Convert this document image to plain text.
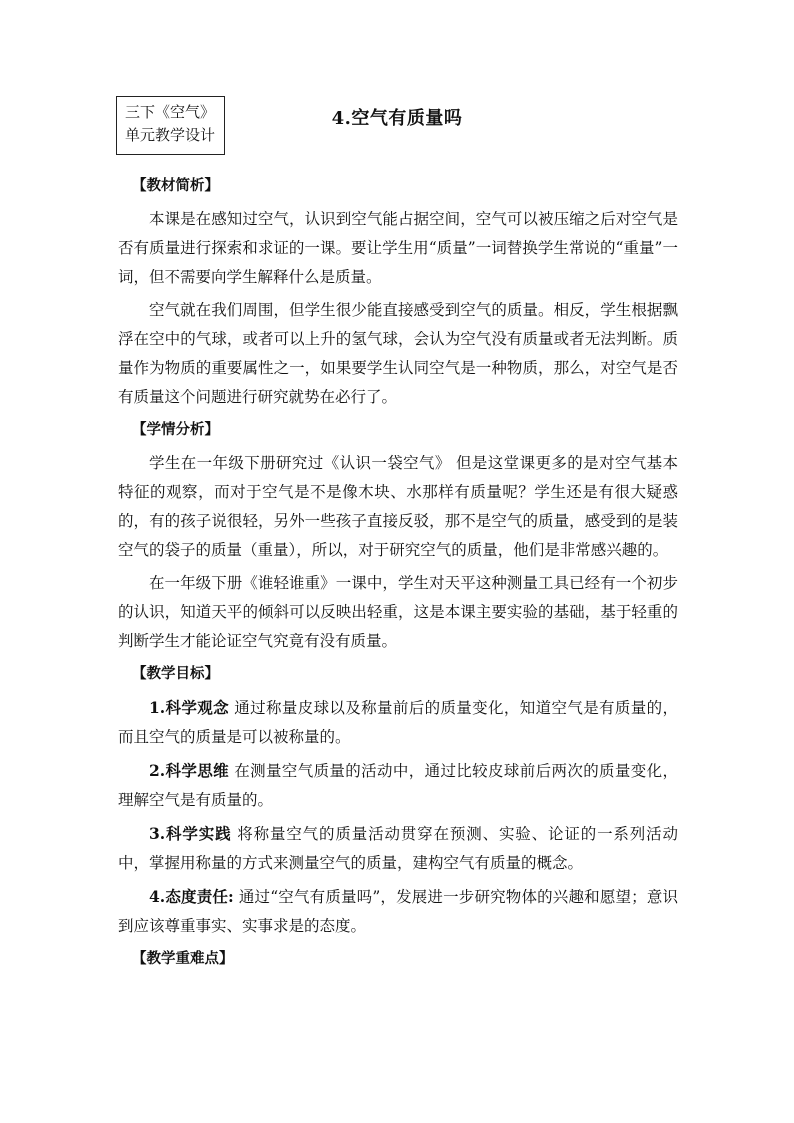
三下《空气》
单元教学设计
4.空气有质量吗
【教材简析】

本课是在感知过空气，认识到空气能占据空间，空气可以被压缩之后对空气是否有质量进行探索和求证的一课。要让学生用“质量”一词替换学生常说的“重量”一词，但不需要向学生解释什么是质量。

空气就在我们周围，但学生很少能直接感受到空气的质量。相反，学生根据飘浮在空中的气球，或者可以上升的氢气球，会认为空气没有质量或者无法判断。质量作为物质的重要属性之一，如果要学生认同空气是一种物质，那么，对空气是否有质量这个问题进行研究就势在必行了。

【学情分析】

学生在一年级下册研究过《认识一袋空气》 但是这堂课更多的是对空气基本特征的观察，而对于空气是不是像木块、水那样有质量呢？学生还是有很大疑惑的，有的孩子说很轻，另外一些孩子直接反驳，那不是空气的质量，感受到的是装空气的袋子的质量（重量），所以，对于研究空气的质量，他们是非常感兴趣的。

在一年级下册《谁轻谁重》一课中，学生对天平这种测量工具已经有一个初步的认识，知道天平的倾斜可以反映出轻重，这是本课主要实验的基础，基于轻重的判断学生才能论证空气究竟有没有质量。

【教学目标】

1.科学观念 通过称量皮球以及称量前后的质量变化，知道空气是有质量的，而且空气的质量是可以被称量的。

2.科学思维 在测量空气质量的活动中，通过比较皮球前后两次的质量变化，理解空气是有质量的。

3.科学实践 将称量空气的质量活动贯穿在预测、实验、论证的一系列活动中，掌握用称量的方式来测量空气的质量，建构空气有质量的概念。

4.态度责任: 通过“空气有质量吗”，发展进一步研究物体的兴趣和愿望；意识到应该尊重事实、实事求是的态度。

【教学重难点】
